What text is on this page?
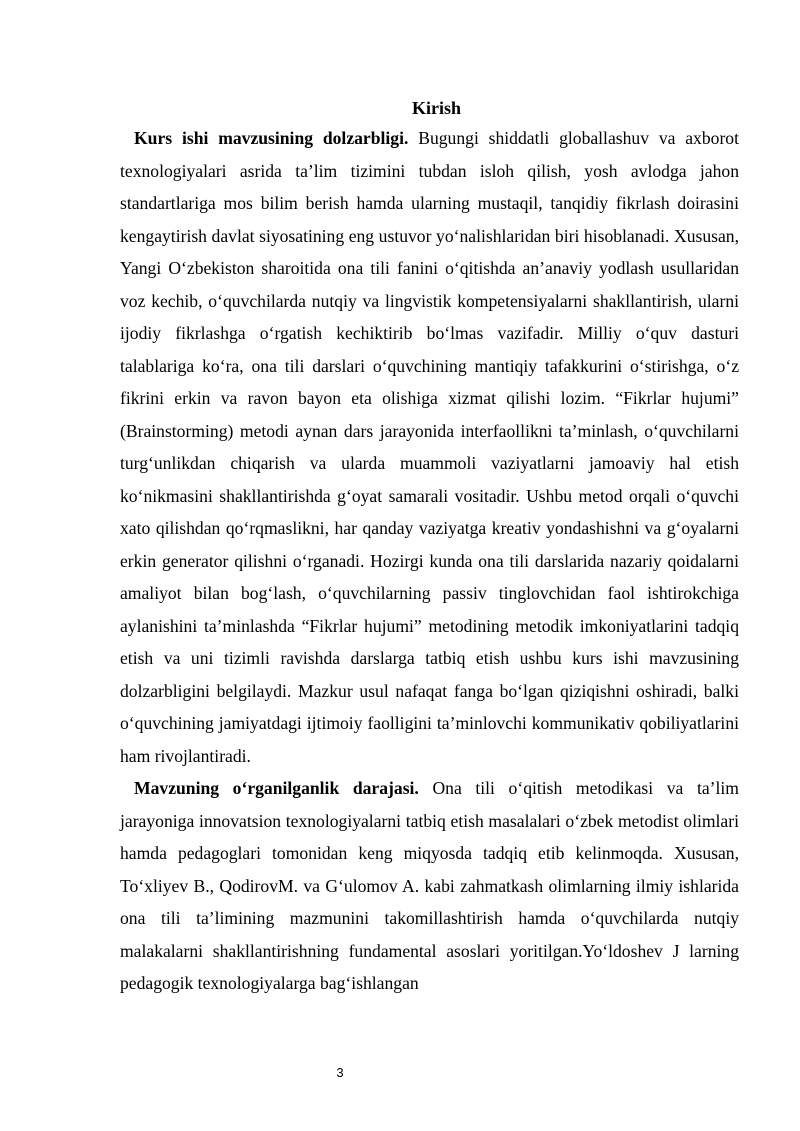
Kirish

Kurs ishi mavzusining dolzarbligi. Bugungi shiddatli globallashuv va axborot texnologiyalari asrida ta’lim tizimini tubdan isloh qilish, yosh avlodga jahon standartlariga mos bilim berish hamda ularning mustaqil, tanqidiy fikrlash doirasini kengaytirish davlat siyosatining eng ustuvor yo‘nalishlaridan biri hisoblanadi. Xususan, Yangi O‘zbekiston sharoitida ona tili fanini o‘qitishda an’anaviy yodlash usullaridan voz kechib, o‘quvchilarda nutqiy va lingvistik kompetensiyalarni shakllantirish, ularni ijodiy fikrlashga o‘rgatish kechiktirib bo‘lmas vazifadir. Milliy o‘quv dasturi talablariga ko‘ra, ona tili darslari o‘quvchining mantiqiy tafakkurini o‘stirishga, o‘z fikrini erkin va ravon bayon eta olishiga xizmat qilishi lozim. “Fikrlar hujumi” (Brainstorming) metodi aynan dars jarayonida interfaollikni ta’minlash, o‘quvchilarni turg‘unlikdan chiqarish va ularda muammoli vaziyatlarni jamoaviy hal etish ko‘nikmasini shakllantirishda g‘oyat samarali vositadir. Ushbu metod orqali o‘quvchi xato qilishdan qo‘rqmaslikni, har qanday vaziyatga kreativ yondashishni va g‘oyalarni erkin generator qilishni o‘rganadi. Hozirgi kunda ona tili darslarida nazariy qoidalarni amaliyot bilan bog‘lash, o‘quvchilarning passiv tinglovchidan faol ishtirokchiga aylanishini ta’minlashda “Fikrlar hujumi” metodining metodik imkoniyatlarini tadqiq etish va uni tizimli ravishda darslarga tatbiq etish ushbu kurs ishi mavzusining dolzarbligini belgilaydi. Mazkur usul nafaqat fanga bo‘lgan qiziqishni oshiradi, balki o‘quvchining jamiyatdagi ijtimoiy faolligini ta’minlovchi kommunikativ qobiliyatlarini ham rivojlantiradi.

Mavzuning o‘rganilganlik darajasi. Ona tili o‘qitish metodikasi va ta’lim jarayoniga innovatsion texnologiyalarni tatbiq etish masalalari o‘zbek metodist olimlari hamda pedagoglari tomonidan keng miqyosda tadqiq etib kelinmoqda. Xususan, To‘xliyev B., QodirovM. va G‘ulomov A. kabi zahmatkash olimlarning ilmiy ishlarida ona tili ta’limining mazmunini takomillashtirish hamda o‘quvchilarda nutqiy malakalarni shakllantirishning fundamental asoslari yoritilgan.Yo‘ldoshev J larning pedagogik texnologiyalarga bag‘ishlangan

3
